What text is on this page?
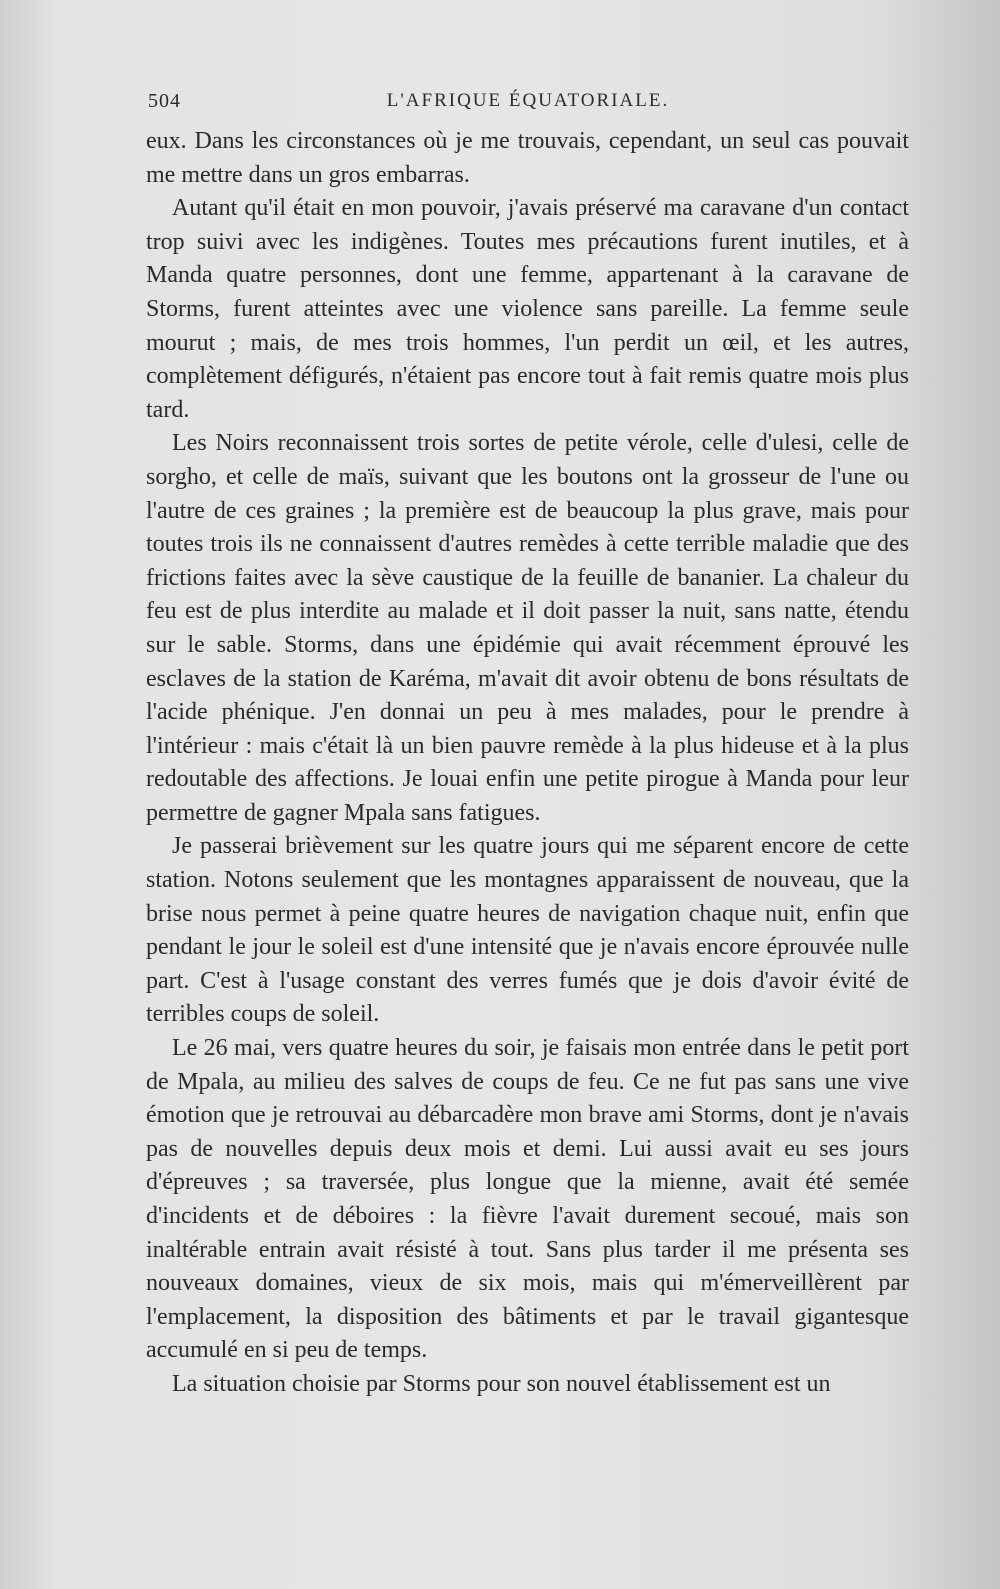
504	L'AFRIQUE ÉQUATORIALE.

eux. Dans les circonstances où je me trouvais, cependant, un seul cas pouvait me mettre dans un gros embarras.

Autant qu'il était en mon pouvoir, j'avais préservé ma caravane d'un contact trop suivi avec les indigènes. Toutes mes précautions furent inutiles, et à Manda quatre personnes, dont une femme, appartenant à la caravane de Storms, furent atteintes avec une violence sans pareille. La femme seule mourut ; mais, de mes trois hommes, l'un perdit un œil, et les autres, complètement défigurés, n'étaient pas encore tout à fait remis quatre mois plus tard.

Les Noirs reconnaissent trois sortes de petite vérole, celle d'ulesi, celle de sorgho, et celle de maïs, suivant que les boutons ont la grosseur de l'une ou l'autre de ces graines ; la première est de beaucoup la plus grave, mais pour toutes trois ils ne connaissent d'autres remèdes à cette terrible maladie que des frictions faites avec la sève caustique de la feuille de bananier. La chaleur du feu est de plus interdite au malade et il doit passer la nuit, sans natte, étendu sur le sable. Storms, dans une épidémie qui avait récemment éprouvé les esclaves de la station de Karéma, m'avait dit avoir obtenu de bons résultats de l'acide phénique. J'en donnai un peu à mes malades, pour le prendre à l'intérieur : mais c'était là un bien pauvre remède à la plus hideuse et à la plus redoutable des affections. Je louai enfin une petite pirogue à Manda pour leur permettre de gagner Mpala sans fatigues.

Je passerai brièvement sur les quatre jours qui me séparent encore de cette station. Notons seulement que les montagnes apparaissent de nouveau, que la brise nous permet à peine quatre heures de navigation chaque nuit, enfin que pendant le jour le soleil est d'une intensité que je n'avais encore éprouvée nulle part. C'est à l'usage constant des verres fumés que je dois d'avoir évité de terribles coups de soleil.

Le 26 mai, vers quatre heures du soir, je faisais mon entrée dans le petit port de Mpala, au milieu des salves de coups de feu. Ce ne fut pas sans une vive émotion que je retrouvai au débarcadère mon brave ami Storms, dont je n'avais pas de nouvelles depuis deux mois et demi. Lui aussi avait eu ses jours d'épreuves ; sa traversée, plus longue que la mienne, avait été semée d'incidents et de déboires : la fièvre l'avait durement secoué, mais son inaltérable entrain avait résisté à tout. Sans plus tarder il me présenta ses nouveaux domaines, vieux de six mois, mais qui m'émerveillèrent par l'emplacement, la disposition des bâtiments et par le travail gigantesque accumulé en si peu de temps.

La situation choisie par Storms pour son nouvel établissement est un
